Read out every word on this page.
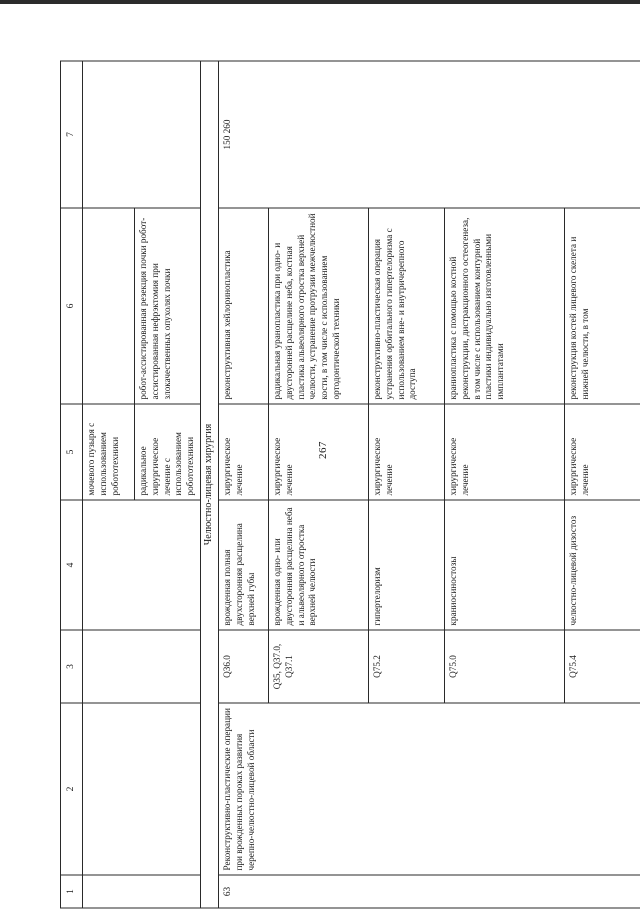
267
1	2	3	4	5	6	7
				мочевого пузыря с использованием робототехники		
				радикальное хирургическое лечение с использованием робототехники	робот-ассистированная резекция почки робот-ассистированная нефрэктомия при злокачественных опухолях почки	
Челюстно-лицевая хирургия						
63	Реконструктивно-пластические операции при врожденных пороках развития черепно-челюстно-лицевой области	Q36.0	врожденная полная двухсторонняя расщелина верхней губы	хирургическое лечение	реконструктивная хейлоринопластика	150 260
		Q35, Q37.0, Q37.1	врожденная одно- или двусторонняя расщелина неба и альвеолярного отростка верхней челюсти	хирургическое лечение	радикальная уранопластика при одно- и двусторонней расщелине неба, костная пластика альвеолярного отростка верхней челюсти, устранение протрузии межчелюстной кости, в том числе с использованием ортодонтической техники	
		Q75.2	гипертелоризм	хирургическое лечение	реконструктивно-пластическая операция устранения орбитального гипертелоризма с использованием вне- и внутричерепного доступа	
		Q75.0	краниосиностозы	хирургическое лечение	краниопластика с помощью костной реконструкции, дистракционного остеогенеза, в том числе с использованием контурной пластики индивидуально изготовленными имплантатами	
		Q75.4	челюстно-лицевой дизостоз	хирургическое лечение	реконструкция костей лицевого скелета и нижней челюсти, в том	
